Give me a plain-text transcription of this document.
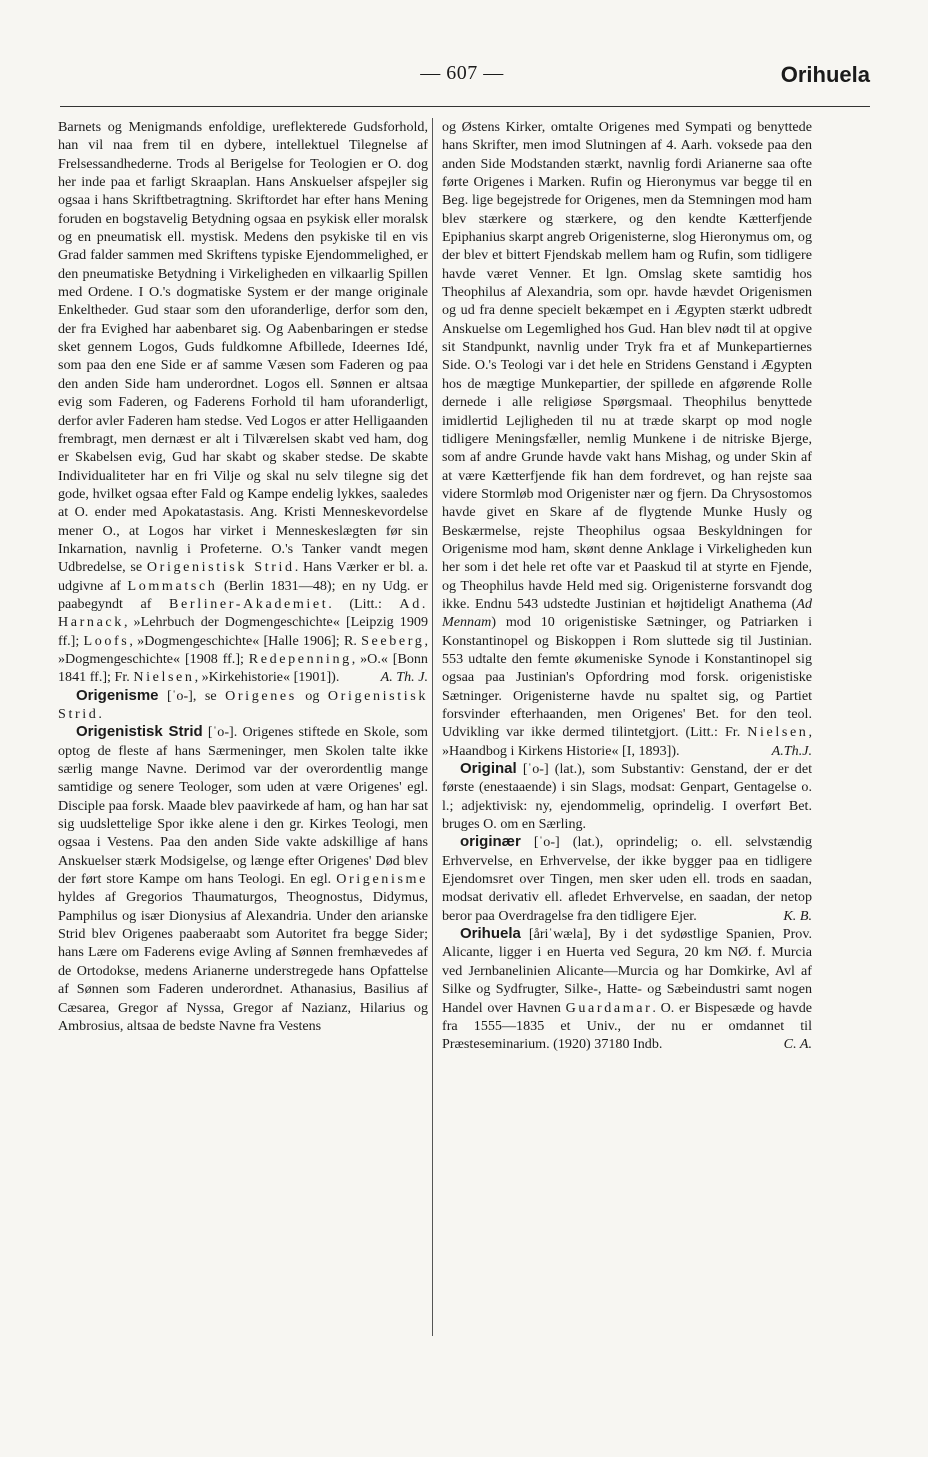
— 607 —	Orihuela

Barnets og Menigmands enfoldige, ureflekterede Gudsforhold, han vil naa frem til en dybere, intellektuel Tilegnelse af Frelsessandhederne. Trods al Berigelse for Teologien er O. dog her inde paa et farligt Skraaplan. Hans Anskuelser afspejler sig ogsaa i hans Skriftbetragtning. Skriftordet har efter hans Mening foruden en bogstavelig Betydning ogsaa en psykisk eller moralsk og en pneumatisk ell. mystisk. Medens den psykiske til en vis Grad falder sammen med Skriftens typiske Ejendommelighed, er den pneumatiske Betydning i Virkeligheden en vilkaarlig Spillen med Ordene. I O.'s dogmatiske System er der mange originale Enkeltheder. Gud staar som den uforanderlige, derfor som den, der fra Evighed har aabenbaret sig. Og Aabenbaringen er stedse sket gennem Logos, Guds fuldkomne Afbillede, Ideernes Idé, som paa den ene Side er af samme Væsen som Faderen og paa den anden Side ham underordnet. Logos ell. Sønnen er altsaa evig som Faderen, og Faderens Forhold til ham uforanderligt, derfor avler Faderen ham stedse. Ved Logos er atter Helligaanden frembragt, men dernæst er alt i Tilværelsen skabt ved ham, dog er Skabelsen evig, Gud har skabt og skaber stedse. De skabte Individualiteter har en fri Vilje og skal nu selv tilegne sig det gode, hvilket ogsaa efter Fald og Kampe endelig lykkes, saaledes at O. ender med Apokatastasis. Ang. Kristi Menneskevordelse mener O., at Logos har virket i Menneskeslægten før sin Inkarnation, navnlig i Profeterne. O.'s Tanker vandt megen Udbredelse, se Origenistisk Strid. Hans Værker er bl. a. udgivne af Lommatsch (Berlin 1831—48); en ny Udg. er paabegyndt af Berliner-Akademiet. (Litt.: Ad. Harnack, »Lehrbuch der Dogmengeschichte« [Leipzig 1909 ff.]; Loofs, »Dogmengeschichte« [Halle 1906]; R. Seeberg, »Dogmengeschichte« [1908 ff.]; Redepenning, »O.« [Bonn 1841 ff.]; Fr. Nielsen, »Kirkehistorie« [1901]).	A. Th. J.

Origenisme [ˈo-], se Origenes og Origenistisk Strid.

Origenistisk Strid [ˈo-]. Origenes stiftede en Skole, som optog de fleste af hans Særmeninger, men Skolen talte ikke særlig mange Navne. Derimod var der overordentlig mange samtidige og senere Teologer, som uden at være Origenes' egl. Disciple paa forsk. Maade blev paavirkede af ham, og han har sat sig uudslettelige Spor ikke alene i den gr. Kirkes Teologi, men ogsaa i Vestens. Paa den anden Side vakte adskillige af hans Anskuelser stærk Modsigelse, og længe efter Origenes' Død blev der ført store Kampe om hans Teologi. En egl. Origenisme hyldes af Gregorios Thaumaturgos, Theognostus, Didymus, Pamphilus og især Dionysius af Alexandria. Under den arianske Strid blev Origenes paaberaabt som Autoritet fra begge Sider; hans Lære om Faderens evige Avling af Sønnen fremhævedes af de Ortodokse, medens Arianerne understregede hans Opfattelse af Sønnen som Faderen underordnet. Athanasius, Basilius af Cæsarea, Gregor af Nyssa, Gregor af Nazianz, Hilarius og Ambrosius, altsaa de bedste Navne fra Vestens

og Østens Kirker, omtalte Origenes med Sympati og benyttede hans Skrifter, men imod Slutningen af 4. Aarh. voksede paa den anden Side Modstanden stærkt, navnlig fordi Arianerne saa ofte førte Origenes i Marken. Rufin og Hieronymus var begge til en Beg. lige begejstrede for Origenes, men da Stemningen mod ham blev stærkere og stærkere, og den kendte Kætterfjende Epiphanius skarpt angreb Origenisterne, slog Hieronymus om, og der blev et bittert Fjendskab mellem ham og Rufin, som tidligere havde været Venner. Et lgn. Omslag skete samtidig hos Theophilus af Alexandria, som opr. havde hævdet Origenismen og ud fra denne specielt bekæmpet en i Ægypten stærkt udbredt Anskuelse om Legemlighed hos Gud. Han blev nødt til at opgive sit Standpunkt, navnlig under Tryk fra et af Munkepartiernes Side. O.'s Teologi var i det hele en Stridens Genstand i Ægypten hos de mægtige Munkepartier, der spillede en afgørende Rolle dernede i alle religiøse Spørgsmaal. Theophilus benyttede imidlertid Lejligheden til nu at træde skarpt op mod nogle tidligere Meningsfæller, nemlig Munkene i de nitriske Bjerge, som af andre Grunde havde vakt hans Mishag, og under Skin af at være Kætterfjende fik han dem fordrevet, og han rejste saa videre Stormløb mod Origenister nær og fjern. Da Chrysostomos havde givet en Skare af de flygtende Munke Husly og Beskærmelse, rejste Theophilus ogsaa Beskyldningen for Origenisme mod ham, skønt denne Anklage i Virkeligheden kun her som i det hele ret ofte var et Paaskud til at styrte en Fjende, og Theophilus havde Held med sig. Origenisterne forsvandt dog ikke. Endnu 543 udstedte Justinian et højtideligt Anathema (Ad Mennam) mod 10 origenistiske Sætninger, og Patriarken i Konstantinopel og Biskoppen i Rom sluttede sig til Justinian. 553 udtalte den femte økumeniske Synode i Konstantinopel sig ogsaa paa Justinian's Opfordring mod forsk. origenistiske Sætninger. Origenisterne havde nu spaltet sig, og Partiet forsvinder efterhaanden, men Origenes' Bet. for den teol. Udvikling var ikke dermed tilintetgjort. (Litt.: Fr. Nielsen, »Haandbog i Kirkens Historie« [I, 1893]).	A.Th.J.

Original [ˈo-] (lat.), som Substantiv: Genstand, der er det første (enestaaende) i sin Slags, modsat: Genpart, Gentagelse o. l.; adjektivisk: ny, ejendommelig, oprindelig. I overført Bet. bruges O. om en Særling.

originær [ˈo-] (lat.), oprindelig; o. ell. selvstændig Erhvervelse, en Erhvervelse, der ikke bygger paa en tidligere Ejendomsret over Tingen, men sker uden ell. trods en saadan, modsat derivativ ell. afledet Erhvervelse, en saadan, der netop beror paa Overdragelse fra den tidligere Ejer.	K. B.

Orihuela [åriˈwæla], By i det sydøstlige Spanien, Prov. Alicante, ligger i en Huerta ved Segura, 20 km NØ. f. Murcia ved Jernbanelinien Alicante—Murcia og har Domkirke, Avl af Silke og Sydfrugter, Silke-, Hatte- og Sæbeindustri samt nogen Handel over Havnen Guardamar. O. er Bispesæde og havde fra 1555—1835 et Univ., der nu er omdannet til Præsteseminarium. (1920) 37180 Indb.	C. A.
